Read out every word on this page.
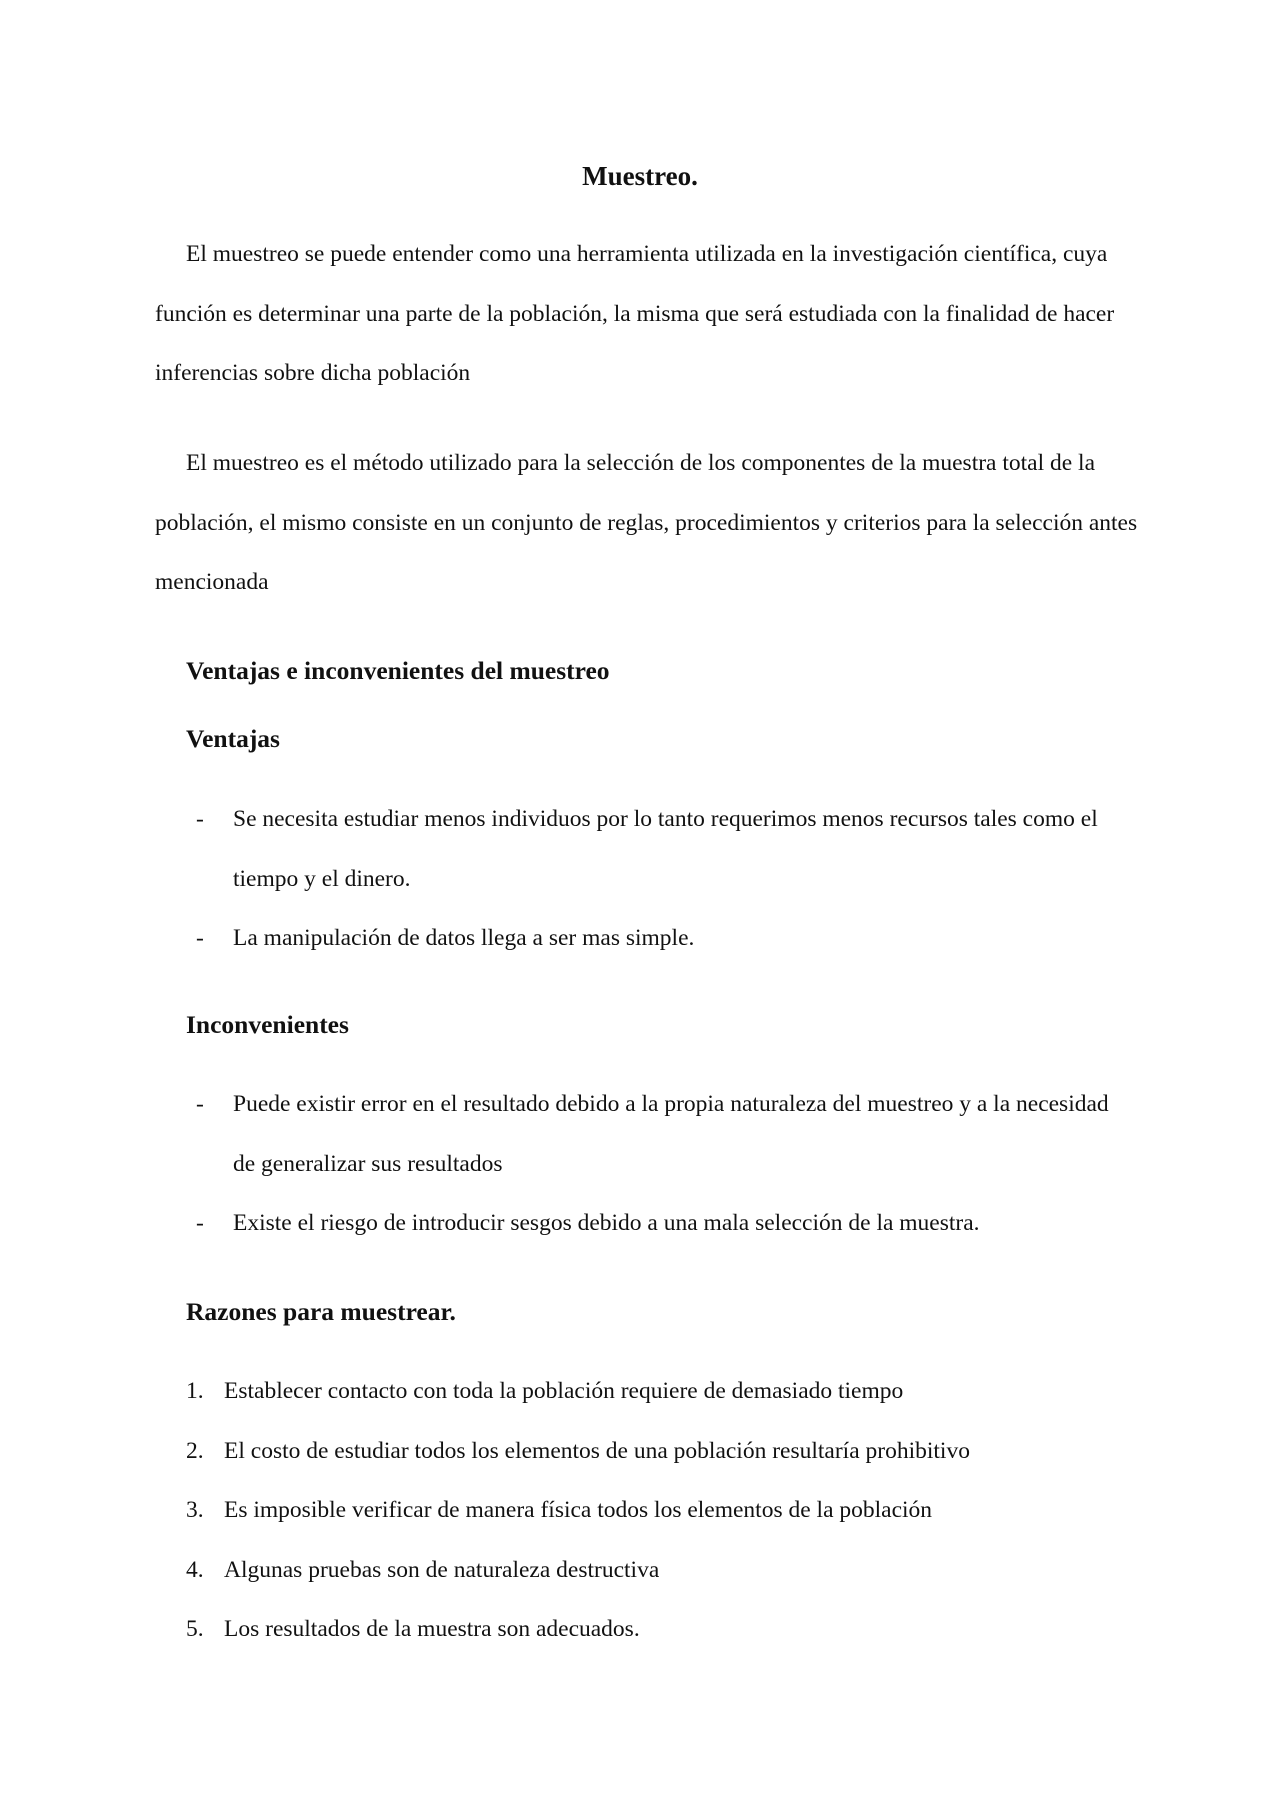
Muestreo.

El muestreo se puede entender como una herramienta utilizada en la investigación científica, cuya función es determinar una parte de la población, la misma que será estudiada con la finalidad de hacer inferencias sobre dicha población

El muestreo es el método utilizado para la selección de los componentes de la muestra total de la población, el mismo consiste en un conjunto de reglas, procedimientos y criterios para la selección antes mencionada

Ventajas e inconvenientes del muestreo
Ventajas
- Se necesita estudiar menos individuos por lo tanto requerimos menos recursos tales como el tiempo y el dinero.
- La manipulación de datos llega a ser mas simple.
Inconvenientes
- Puede existir error en el resultado debido a la propia naturaleza del muestreo y a la necesidad de generalizar sus resultados
- Existe el riesgo de introducir sesgos debido a una mala selección de la muestra.
Razones para muestrear.
1. Establecer contacto con toda la población requiere de demasiado tiempo
2. El costo de estudiar todos los elementos de una población resultaría prohibitivo
3. Es imposible verificar de manera física todos los elementos de la población
4. Algunas pruebas son de naturaleza destructiva
5. Los resultados de la muestra son adecuados.
